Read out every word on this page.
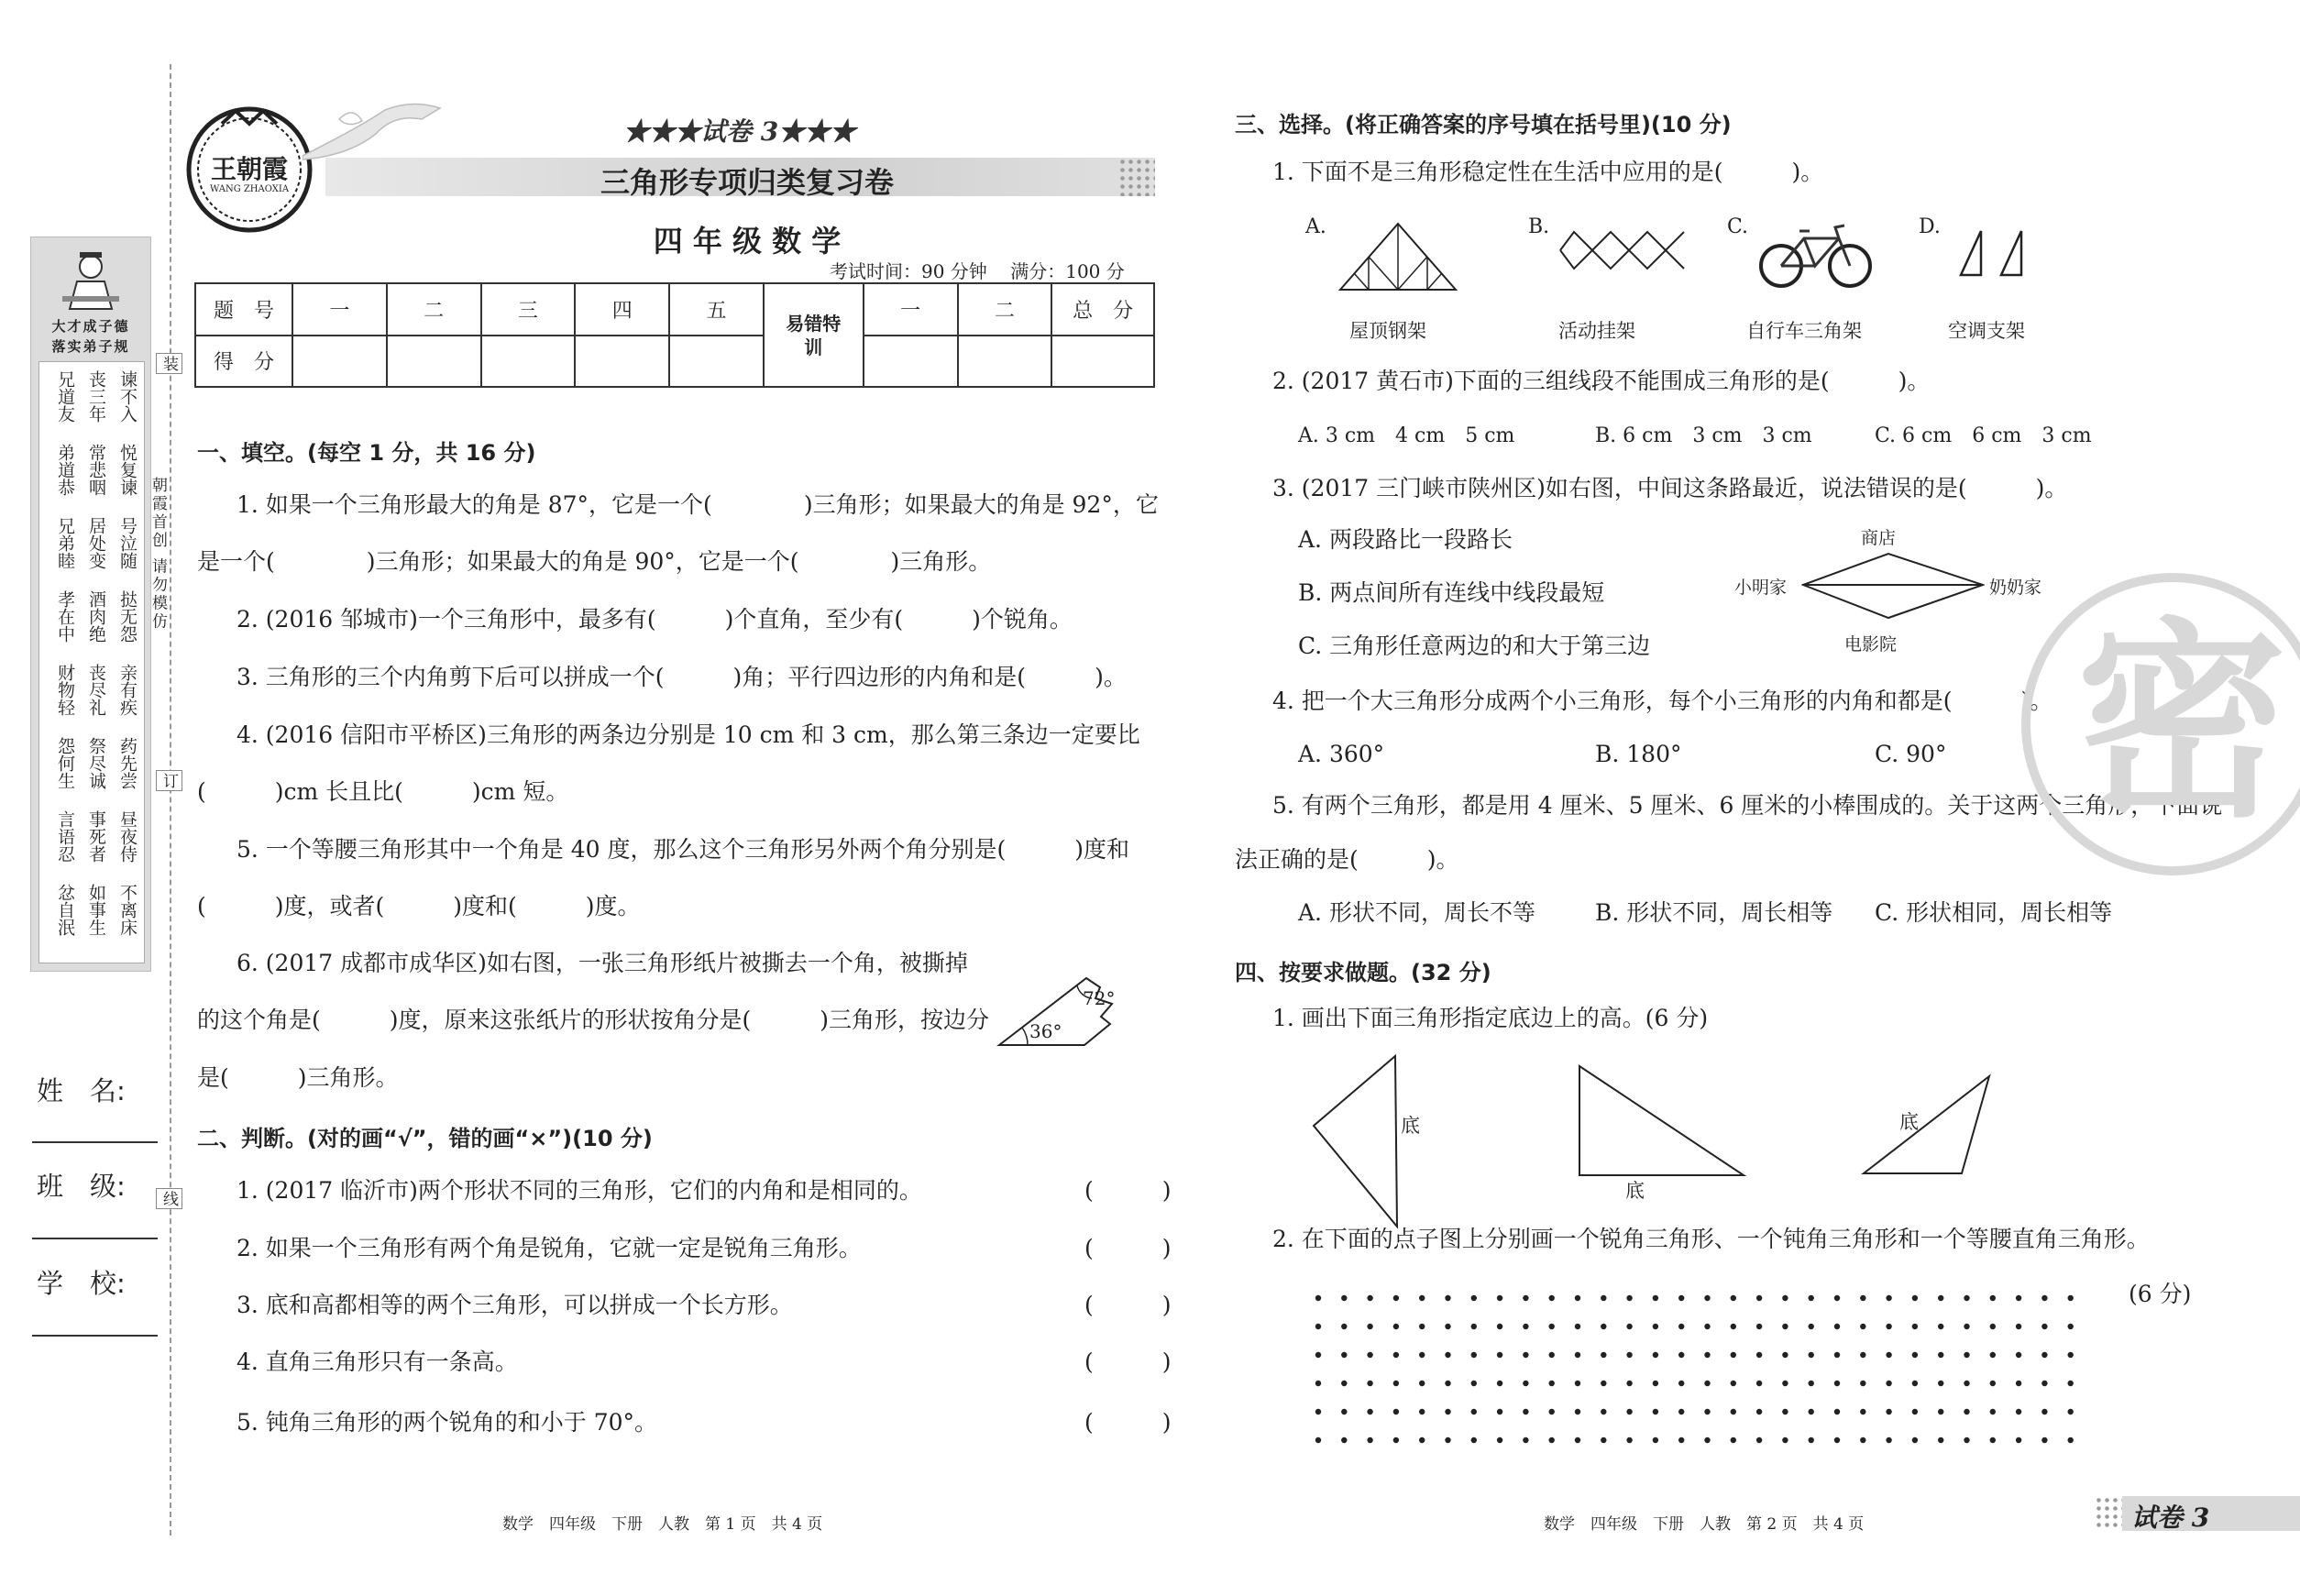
大才成子德
落实弟子规
兄道友 丧三年 谏不入
弟道恭 常悲咽 悦复谏
兄弟睦 居处变 号泣随
孝在中 酒肉绝 挞无怨
财物轻 丧尽礼 亲有疾
怨何生 祭尽诚 药先尝
言语忍 事死者 昼夜侍
忿自泯 如事生 不离床
装
订
线
朝霞首创 请勿模仿
姓　名:
班　级:
学　校:
王朝霞
WANG ZHAOXIA
★★★试卷 3★★★
三角形专项归类复习卷
四 年 级 数 学
考试时间：90 分钟    满分：100 分
题　号	一	二	三	四	五	易错特训	一	二	总　分
得　分									
一、填空。(每空 1 分，共 16 分)
1. 如果一个三角形最大的角是 87°，它是一个(　　　　)三角形；如果最大的角是 92°，它
是一个(　　　　)三角形；如果最大的角是 90°，它是一个(　　　　)三角形。
2. (2016 邹城市)一个三角形中，最多有(　　　)个直角，至少有(　　　)个锐角。
3. 三角形的三个内角剪下后可以拼成一个(　　　)角；平行四边形的内角和是(　　　)。
4. (2016 信阳市平桥区)三角形的两条边分别是 10 cm 和 3 cm，那么第三条边一定要比
(　　　)cm 长且比(　　　)cm 短。
5. 一个等腰三角形其中一个角是 40 度，那么这个三角形另外两个角分别是(　　　)度和
(　　　)度，或者(　　　)度和(　　　)度。
6. (2017 成都市成华区)如右图，一张三角形纸片被撕去一个角，被撕掉
的这个角是(　　　)度，原来这张纸片的形状按角分是(　　　)三角形，按边分
是(　　　)三角形。
72°
36°
二、判断。(对的画“√”，错的画“×”)(10 分)
1. (2017 临沂市)两个形状不同的三角形，它们的内角和是相同的。
2. 如果一个三角形有两个角是锐角，它就一定是锐角三角形。
3. 底和高都相等的两个三角形，可以拼成一个长方形。
4. 直角三角形只有一条高。
5. 钝角三角形的两个锐角的和小于 70°。
(　　　)
(　　　)
(　　　)
(　　　)
(　　　)
数学　四年级　下册　人教　第 1 页　共 4 页
三、选择。(将正确答案的序号填在括号里)(10 分)
1. 下面不是三角形稳定性在生活中应用的是(　　　)。
A.
屋顶钢架
B.
活动挂架
C.
自行车三角架
D.
空调支架
2. (2017 黄石市)下面的三组线段不能围成三角形的是(　　　)。
A. 3 cm　4 cm　5 cm	B. 6 cm　3 cm　3 cm	C. 6 cm　6 cm　3 cm
3. (2017 三门峡市陕州区)如右图，中间这条路最近，说法错误的是(　　　)。
A. 两段路比一段路长
B. 两点间所有连线中线段最短
C. 三角形任意两边的和大于第三边
商店
小明家	奶奶家
电影院
4. 把一个大三角形分成两个小三角形，每个小三角形的内角和都是(　　　)。
A. 360°	B. 180°	C. 90°
5. 有两个三角形，都是用 4 厘米、5 厘米、6 厘米的小棒围成的。关于这两个三角形，下面说
法正确的是(　　　)。
A. 形状不同，周长不等	B. 形状不同，周长相等 C. 形状相同，周长相等
四、按要求做题。(32 分)
1. 画出下面三角形指定底边上的高。(6 分)
底
底
底
2. 在下面的点子图上分别画一个锐角三角形、一个钝角三角形和一个等腰直角三角形。
(6 分)
密
数学　四年级　下册　人教　第 2 页　共 4 页	试卷 3
